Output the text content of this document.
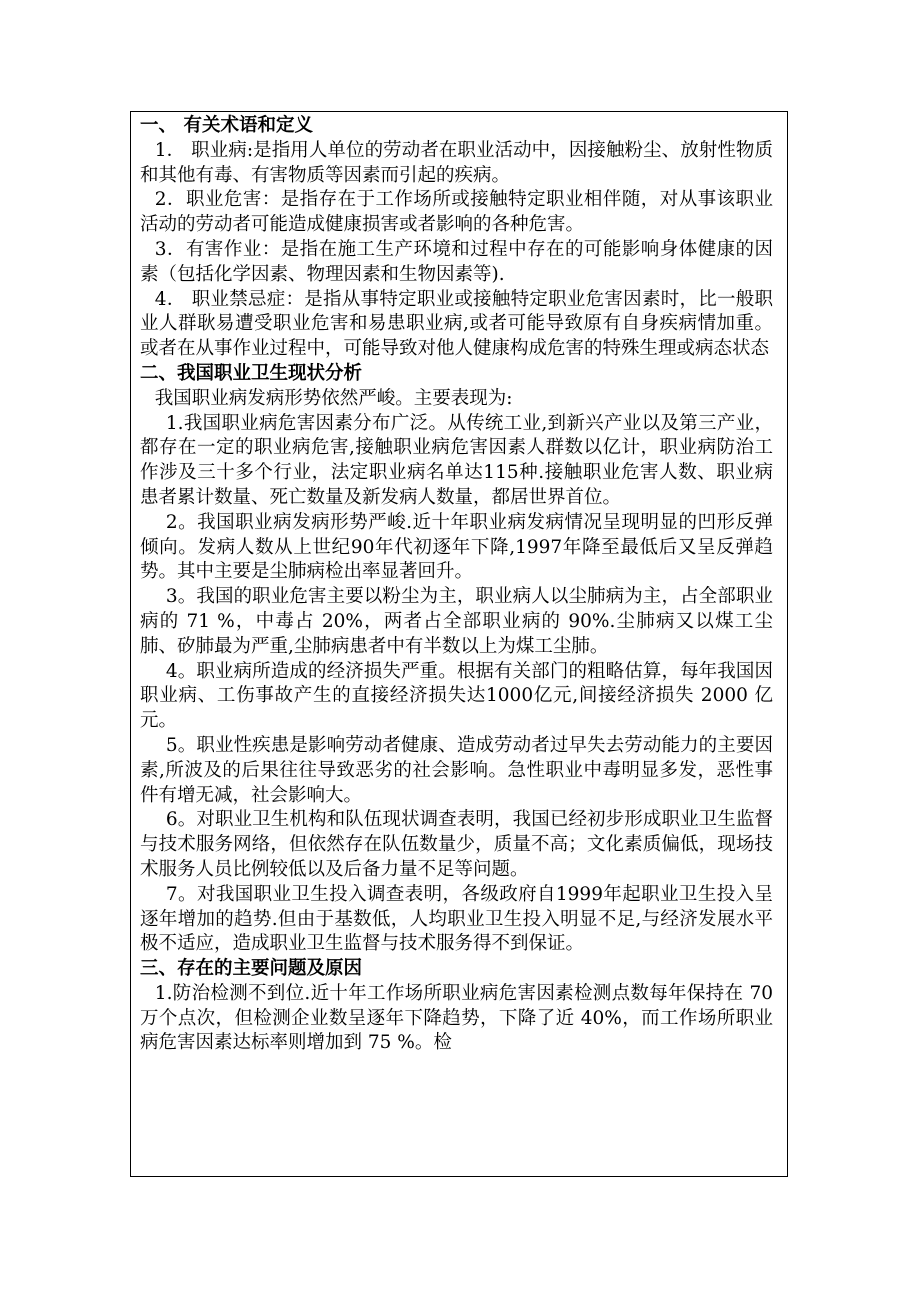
一、 有关术语和定义

1． 职业病:是指用人单位的劳动者在职业活动中，因接触粉尘、放射性物质和其他有毒、有害物质等因素而引起的疾病。

2．职业危害：是指存在于工作场所或接触特定职业相伴随，对从事该职业活动的劳动者可能造成健康损害或者影响的各种危害。

3．有害作业：是指在施工生产环境和过程中存在的可能影响身体健康的因素（包括化学因素、物理因素和生物因素等).

4． 职业禁忌症：是指从事特定职业或接触特定职业危害因素时，比一般职业人群耿易遭受职业危害和易患职业病,或者可能导致原有自身疾病情加重。或者在从事作业过程中，可能导致对他人健康构成危害的特殊生理或病态状态

二、我国职业卫生现状分析

我国职业病发病形势依然严峻。主要表现为:

1.我国职业病危害因素分布广泛。从传统工业,到新兴产业以及第三产业，都存在一定的职业病危害,接触职业病危害因素人群数以亿计，职业病防治工作涉及三十多个行业，法定职业病名单达115种.接触职业危害人数、职业病患者累计数量、死亡数量及新发病人数量，都居世界首位。

2。我国职业病发病形势严峻.近十年职业病发病情况呈现明显的凹形反弹倾向。发病人数从上世纪90年代初逐年下降,1997年降至最低后又呈反弹趋势。其中主要是尘肺病检出率显著回升。

3。我国的职业危害主要以粉尘为主，职业病人以尘肺病为主，占全部职业病的 71 %，中毒占 20%，两者占全部职业病的 90%.尘肺病又以煤工尘肺、矽肺最为严重,尘肺病患者中有半数以上为煤工尘肺。

4。职业病所造成的经济损失严重。根据有关部门的粗略估算，每年我国因职业病、工伤事故产生的直接经济损失达1000亿元,间接经济损失 2000 亿元。

5。职业性疾患是影响劳动者健康、造成劳动者过早失去劳动能力的主要因素,所波及的后果往往导致恶劣的社会影响。急性职业中毒明显多发，恶性事件有增无减，社会影响大。

6。对职业卫生机构和队伍现状调查表明，我国已经初步形成职业卫生监督与技术服务网络，但依然存在队伍数量少，质量不高；文化素质偏低，现场技术服务人员比例较低以及后备力量不足等问题。

7。对我国职业卫生投入调查表明，各级政府自1999年起职业卫生投入呈逐年增加的趋势.但由于基数低，人均职业卫生投入明显不足,与经济发展水平极不适应，造成职业卫生监督与技术服务得不到保证。

三、存在的主要问题及原因

1.防治检测不到位.近十年工作场所职业病危害因素检测点数每年保持在 70 万个点次，但检测企业数呈逐年下降趋势，下降了近 40%，而工作场所职业病危害因素达标率则增加到 75 %。检
